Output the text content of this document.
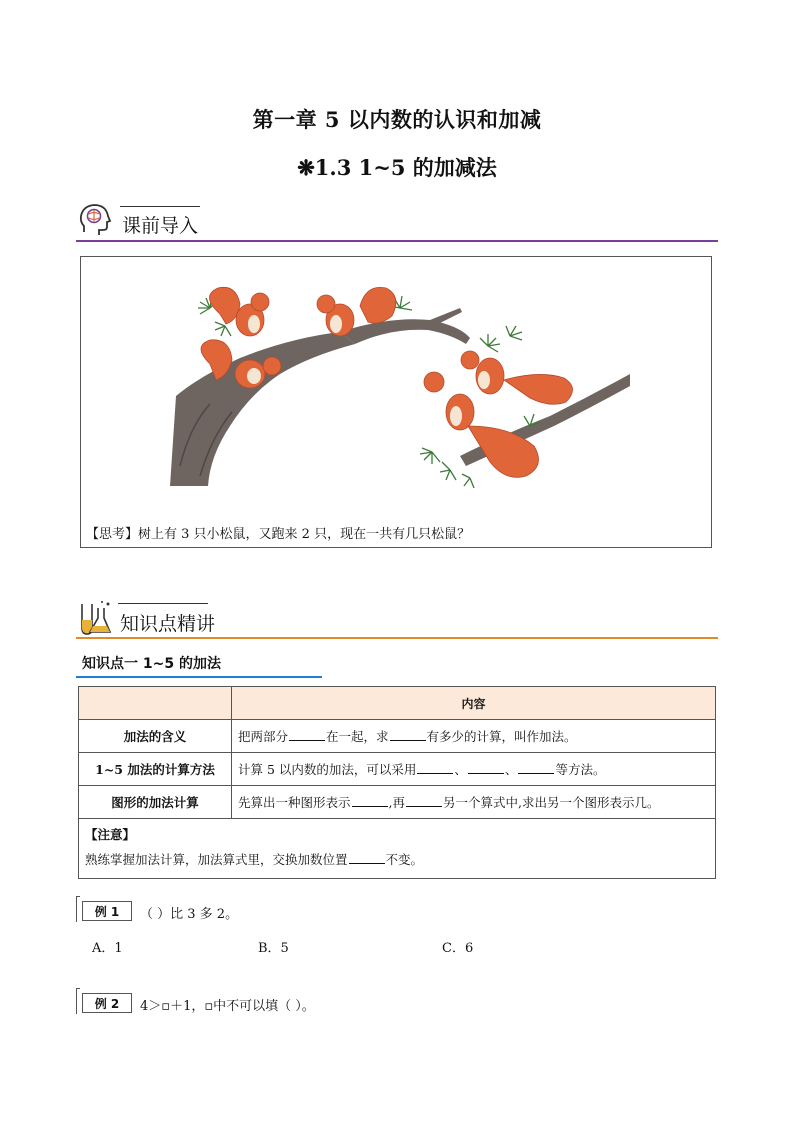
第一章 5 以内数的认识和加减
❋1.3 1~5 的加减法
课前导入
【思考】树上有 3 只小松鼠，又跑来 2 只，现在一共有几只松鼠？
知识点精讲
知识点一 1~5 的加法
	内容
加法的含义	把两部分 在一起，求 有多少的计算，叫作加法。
1~5 加法的计算方法	计算 5 以内数的加法，可以采用 、 、 等方法。
图形的加法计算	先算出一种图形表示 ,再 另一个算式中,求出另一个图形表示几。

【注意】
熟练掌握加法计算，加法算式里，交换加数位置 不变。	
例 1	（ ）比 3 多 2。
A．1	B．5	C．6
例 2	4＞▫＋1，▫中不可以填（ ）。
